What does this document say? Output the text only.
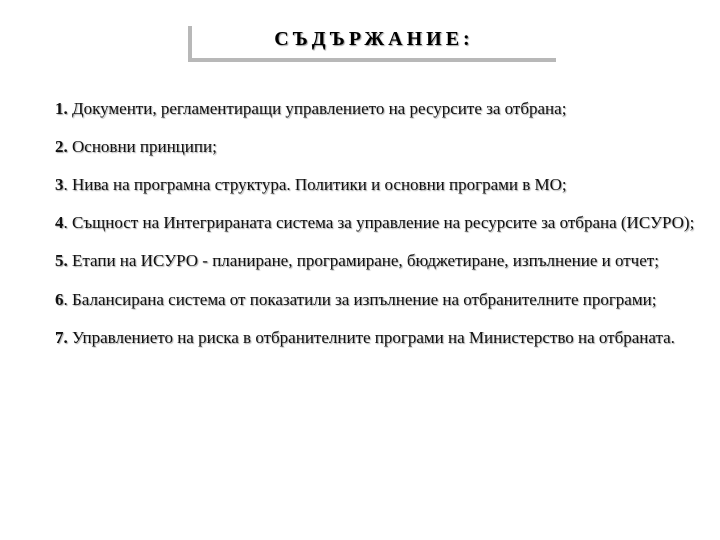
СЪДЪРЖАНИЕ:

1. Документи, регламентиращи управлението на ресурсите за отбрана;

2. Основни принципи;

3. Нива на програмна структура. Политики и основни програми в МО;

4. Същност на Интегрираната система за управление на ресурсите за отбрана (ИСУРО);

5. Етапи на ИСУРО - планиране, програмиране, бюджетиране, изпълнение и отчет;

6. Балансирана система от показатили за изпълнение на отбранителните програми;

7. Управлението на риска в отбранителните програми на Министерство на отбраната.
